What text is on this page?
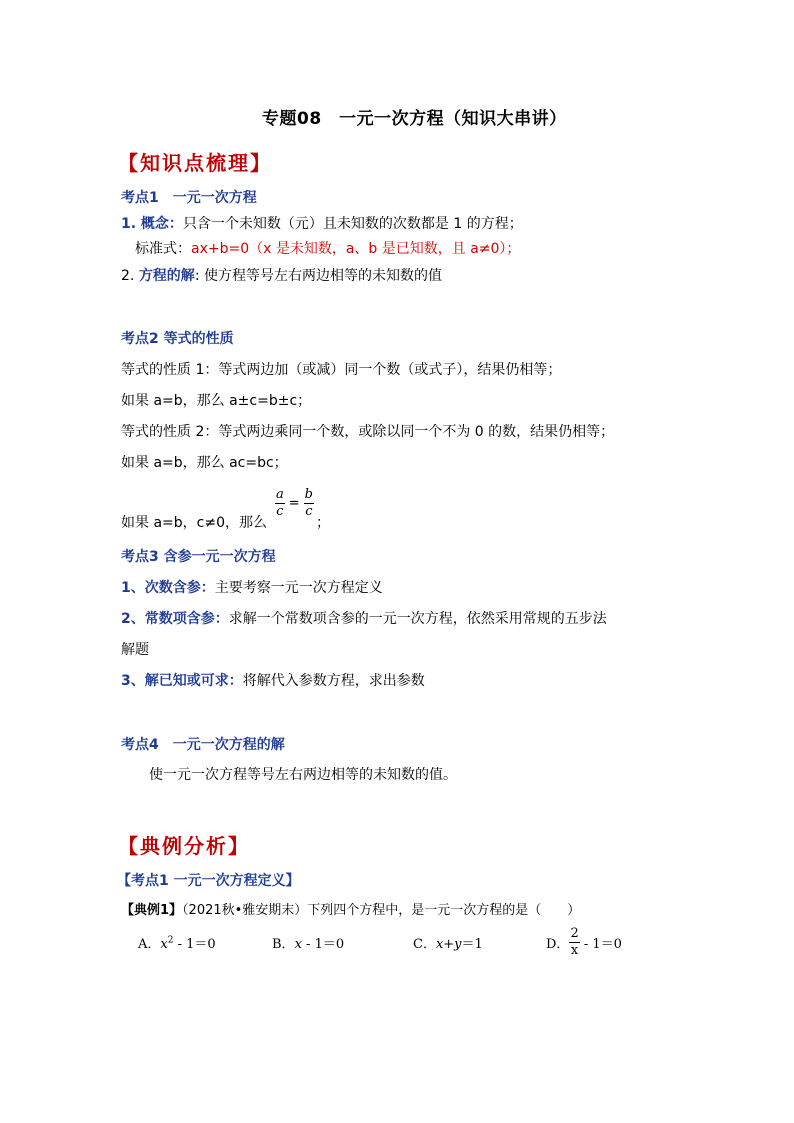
专题08　一元一次方程（知识大串讲）
【知识点梳理】
考点1　一元一次方程
1. 概念：只含一个未知数（元）且未知数的次数都是 1 的方程；
标准式：ax+b=0（x 是未知数，a、b 是已知数，且 a≠0）；
2. 方程的解: 使方程等号左右两边相等的未知数的值
考点2 等式的性质
等式的性质 1：等式两边加（或减）同一个数（或式子），结果仍相等；
如果 a=b，那么 a±c=b±c；
等式的性质 2：等式两边乘同一个数，或除以同一个不为 0 的数，结果仍相等；
如果 a=b，那么 ac=bc；
如果 a=b，c≠0，那么
$\frac{a}{c} = \frac{b}{c}$
；
考点3 含参一元一次方程
1、次数含参：主要考察一元一次方程定义
2、常数项含参：求解一个常数项含参的一元一次方程，依然采用常规的五步法
解题
3、解已知或可求：将解代入参数方程，求出参数
考点4　一元一次方程的解
使一元一次方程等号左右两边相等的未知数的值。
【典例分析】
【考点1 一元一次方程定义】
【典例1】（2021秋•雅安期末）下列四个方程中，是一元一次方程的是（　　）
A．$x^2 - 1=0$	B．x - 1＝0	C．x+y＝1	D． $\frac{2}{x} - 1=0$
